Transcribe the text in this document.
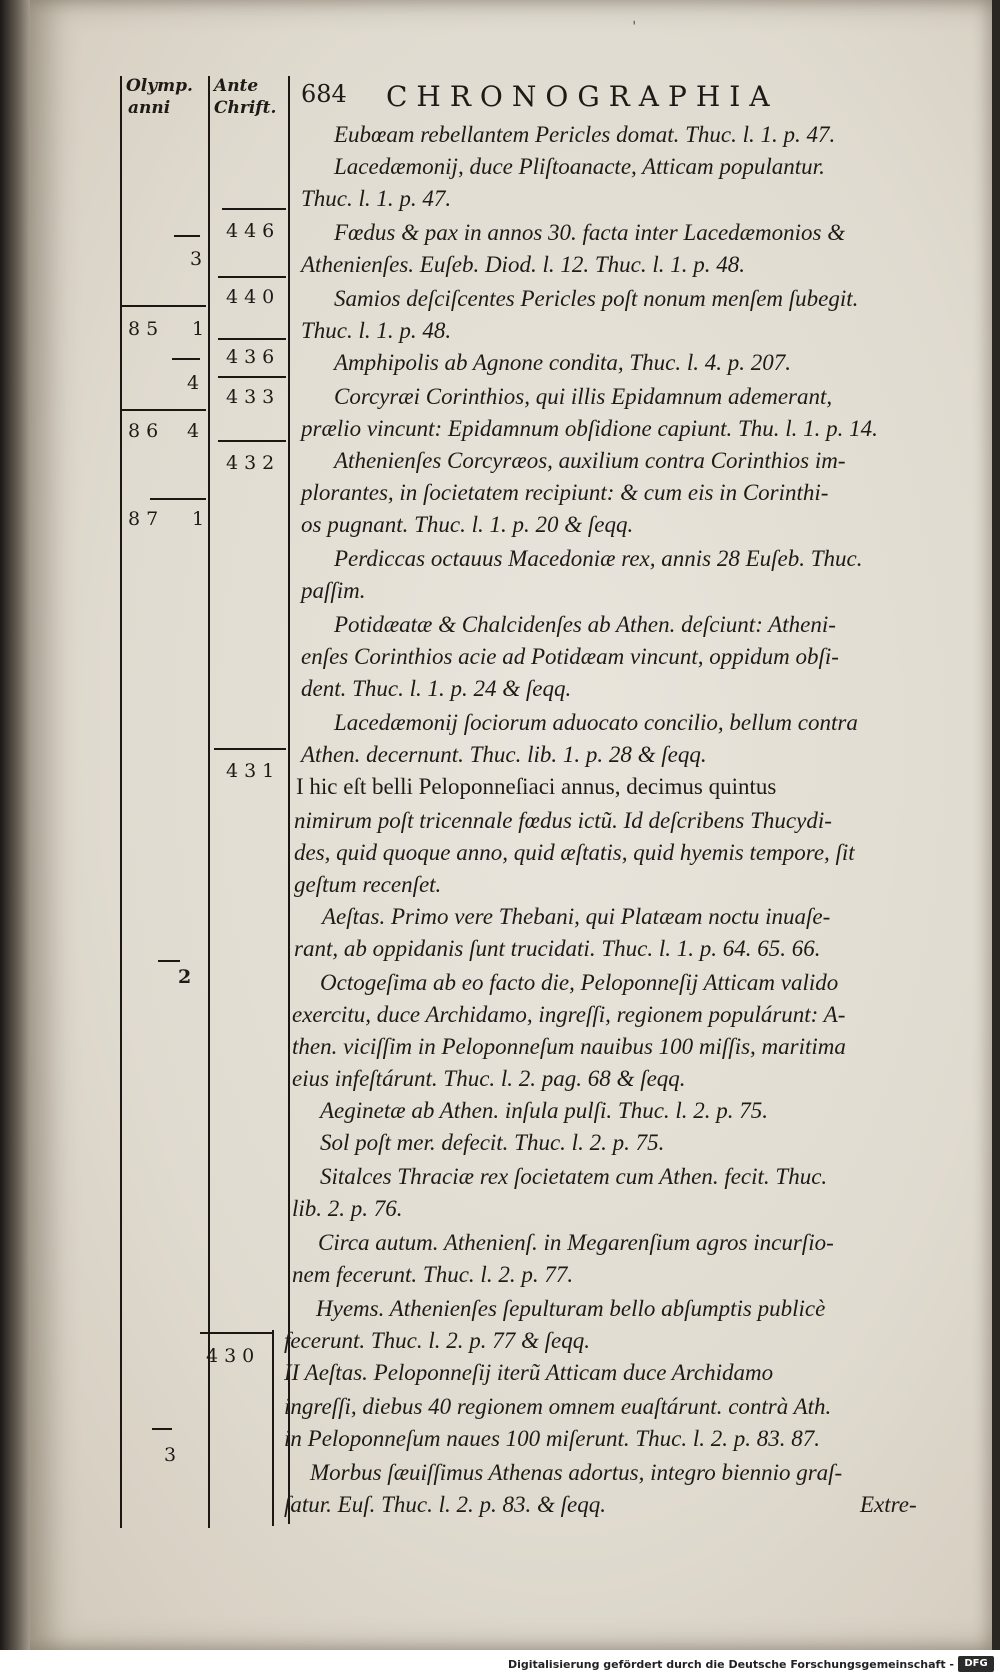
ˈ
Olymp.
anni
Ante
Chrift. 684 CHRONOGRAPHIA
446
440
436
433
432
431
430
3
85 1
4
86 4
87 1
2
3
Eubœam rebellantem Pericles domat. Thuc. l. 1. p. 47.
Lacedæmonij, duce Pliſtoanacte, Atticam populantur.
Thuc. l. 1. p. 47.
Fœdus & pax in annos 30. facta inter Lacedæmonios &
Athenienſes. Euſeb. Diod. l. 12. Thuc. l. 1. p. 48.
Samios deſciſcentes Pericles poſt nonum menſem ſubegit.
Thuc. l. 1. p. 48.
Amphipolis ab Agnone condita, Thuc. l. 4. p. 207.
Corcyræi Corinthios, qui illis Epidamnum ademerant,
prælio vincunt: Epidamnum obſidione capiunt. Thu. l. 1. p. 14.
Athenienſes Corcyræos, auxilium contra Corinthios im-
plorantes, in ſocietatem recipiunt: & cum eis in Corinthi-
os pugnant. Thuc. l. 1. p. 20 & ſeqq.
Perdiccas octauus Macedoniæ rex, annis 28 Euſeb. Thuc.
paſſim.
Potidæatæ & Chalcidenſes ab Athen. deſciunt: Atheni-
enſes Corinthios acie ad Potidæam vincunt, oppidum obſi-
dent. Thuc. l. 1. p. 24 & ſeqq.
Lacedæmonij ſociorum aduocato concilio, bellum contra
Athen. decernunt. Thuc. lib. 1. p. 28 & ſeqq.
I hic eſt belli Peloponneſiaci annus, decimus quintus
nimirum poſt tricennale fœdus ictũ. Id deſcribens Thucydi-
des, quid quoque anno, quid æſtatis, quid hyemis tempore, ſit
geſtum recenſet.
Aeſtas. Primo vere Thebani, qui Platæam noctu inuaſe-
rant, ab oppidanis ſunt trucidati. Thuc. l. 1. p. 64. 65. 66.
Octogeſima ab eo facto die, Peloponneſij Atticam valido
exercitu, duce Archidamo, ingreſſi, regionem populárunt: A-
then. viciſſim in Peloponneſum nauibus 100 miſſis, maritima
eius infeſtárunt. Thuc. l. 2. pag. 68 & ſeqq.
Aeginetæ ab Athen. inſula pulſi. Thuc. l. 2. p. 75.
Sol poſt mer. defecit. Thuc. l. 2. p. 75.
Sitalces Thraciæ rex ſocietatem cum Athen. fecit. Thuc.
lib. 2. p. 76.
Circa autum. Athenienſ. in Megarenſium agros incurſio-
nem fecerunt. Thuc. l. 2. p. 77.
Hyems. Athenienſes ſepulturam bello abſumptis publicè
fecerunt. Thuc. l. 2. p. 77 & ſeqq.
II Aeſtas. Peloponneſij iterũ Atticam duce Archidamo
ingreſſi, diebus 40 regionem omnem euaſtárunt. contrà Ath.
in Peloponneſum naues 100 miſerunt. Thuc. l. 2. p. 83. 87.
Morbus ſæuiſſimus Athenas adortus, integro biennio graſ-
ſatur. Euſ. Thuc. l. 2. p. 83. & ſeqq.	Extre-
Digitalisierung gefördert durch die Deutsche Forschungsgemeinschaft -	DFG
